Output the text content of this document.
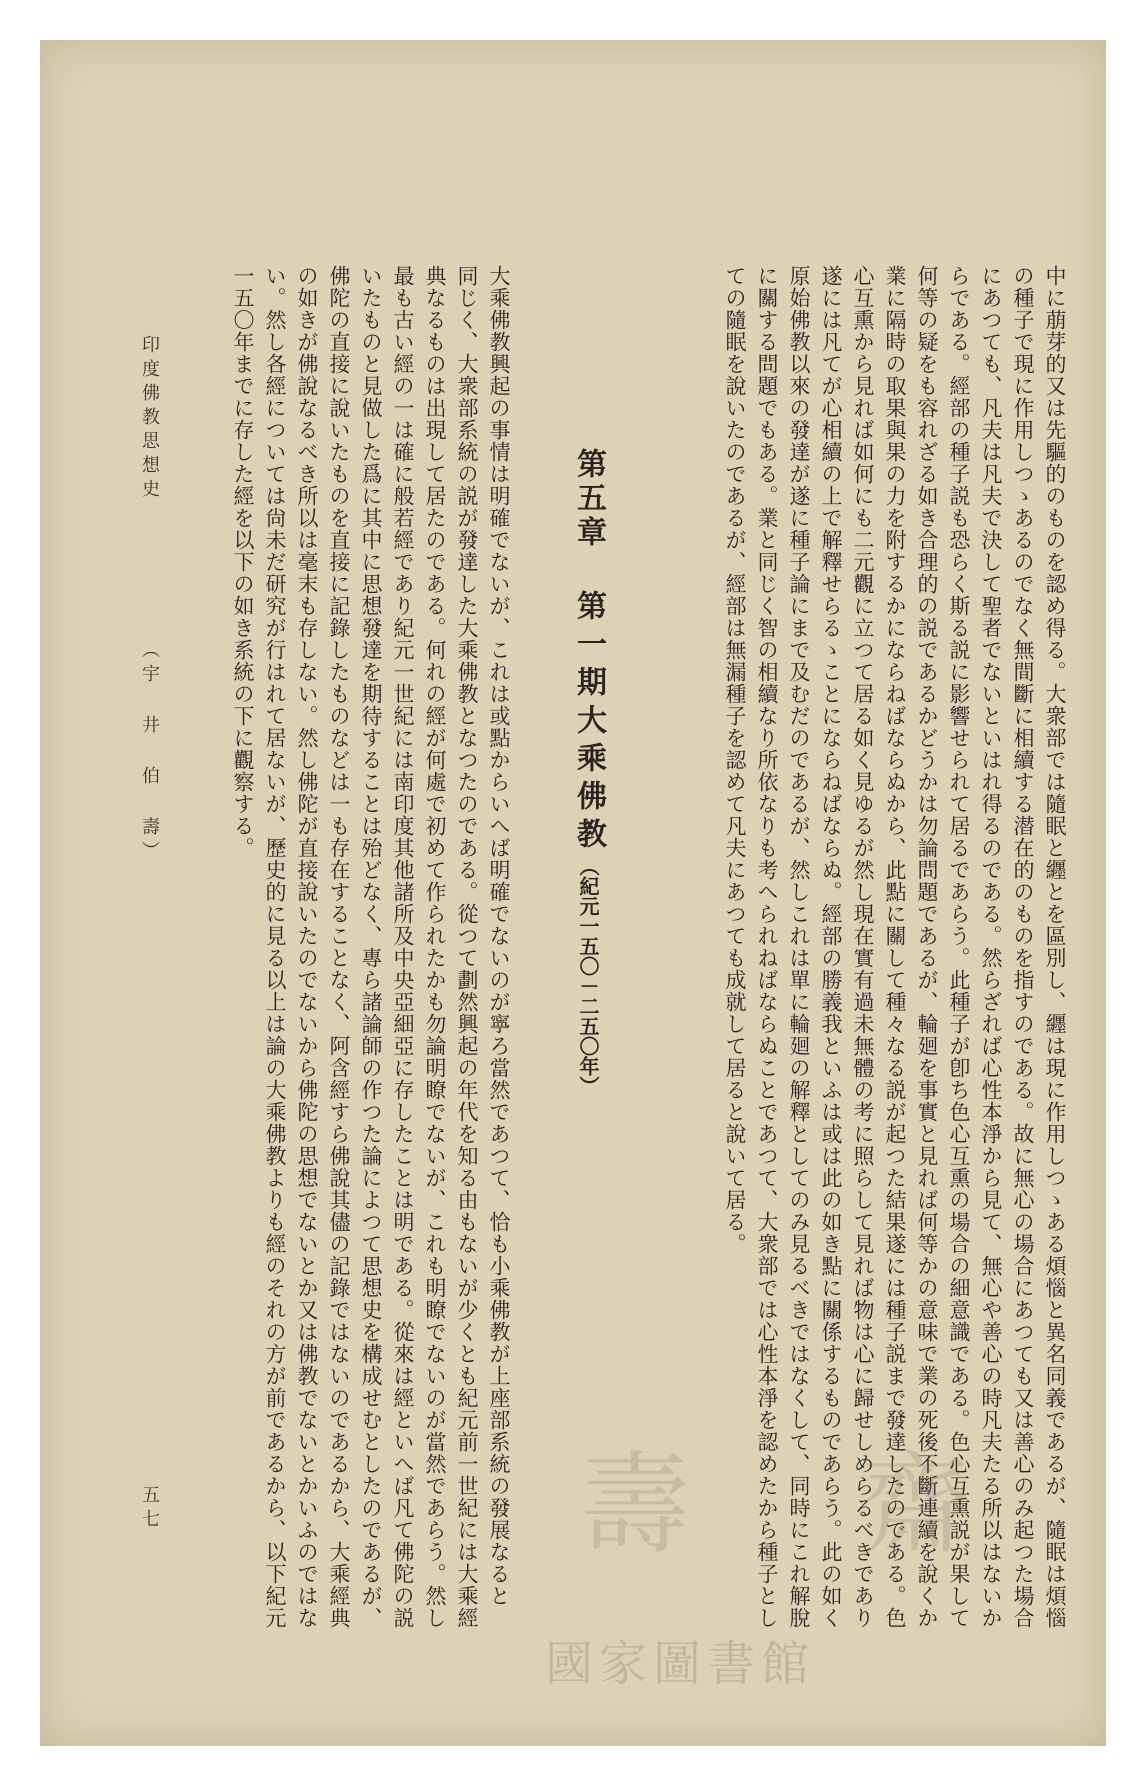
中に萠芽的又は先驅的のものを認め得る。大衆部では隨眠と纒とを區別し、纒は現に作用しつゝある煩惱と異名同義であるが、隨眠は煩惱
の種子で現に作用しつゝあるのでなく無間斷に相續する潜在的のものを指すのである。故に無心の場合にあつても又は善心のみ起つた場合
にあつても、凡夫は凡夫で決して聖者でないといはれ得るのである。然らざれば心性本淨から見て、無心や善心の時凡夫たる所以はないか
らである。經部の種子説も恐らく斯る説に影響せられて居るであらう。此種子が卽ち色心互熏の場合の細意識である。色心互熏説が果して
何等の疑をも容れざる如き合理的の説であるかどうかは勿論問題であるが、輪廻を事實と見れば何等かの意味で業の死後不斷連續を說くか
業に隔時の取果與果の力を附するかにならねばならぬから、此點に關して種々なる説が起つた結果遂には種子説まで發達したのである。色
心互熏から見れば如何にも二元觀に立つて居る如く見ゆるが然し現在實有過未無體の考に照らして見れば物は心に歸せしめらるべきであり
遂には凡てが心相續の上で解釋せらるゝことにならねばならぬ。經部の勝義我といふは或は此の如き點に關係するものであらう。此の如く
原始佛教以來の發達が遂に種子論にまで及むだのであるが、然しこれは單に輪廻の解釋としてのみ見るべきではなくして、同時にこれ解脫
に關する問題でもある。業と同じく智の相續なり所依なりも考へられねばならぬことであつて、大衆部では心性本淨を認めたから種子とし
ての隨眠を說いたのであるが、經部は無漏種子を認めて凡夫にあつても成就して居ると說いて居る。
第五章第一期大乘佛教（紀元一五〇－二五〇年）
大乘佛教興起の事情は明確でないが、これは或點からいへば明確でないのが寧ろ當然であつて、恰も小乘佛教が上座部系統の發展なると
同じく、大衆部系統の説が發達した大乘佛教となつたのである。從つて劃然興起の年代を知る由もないが少くとも紀元前一世紀には大乘經
典なるものは出現して居たのである。何れの經が何處で初めて作られたかも勿論明瞭でないが、これも明瞭でないのが當然であらう。然し
最も古い經の一は確に般若經であり紀元一世紀には南印度其他諸所及中央亞細亞に存したことは明である。從來は經といへば凡て佛陀の説
いたものと見做した爲に其中に思想發達を期待することは殆どなく、專ら諸論師の作つた論によつて思想史を構成せむとしたのであるが、
佛陀の直接に說いたものを直接に記錄したものなどは一も存在することなく、阿含經すら佛說其儘の記錄ではないのであるから、大乘經典
の如きが佛說なるべき所以は毫末も存しない。然し佛陀が直接說いたのでないから佛陀の思想でないとか又は佛教でないとかいふのではな
い。然し各經については尙未だ研究が行はれて居ないが、歷史的に見る以上は論の大乘佛教よりも經のそれの方が前であるから、以下紀元
一五〇年までに存した經を以下の如き系統の下に觀察する。
印度佛教思想史
（宇 井 伯 壽）
五七	壽 齋
國家圖書館
